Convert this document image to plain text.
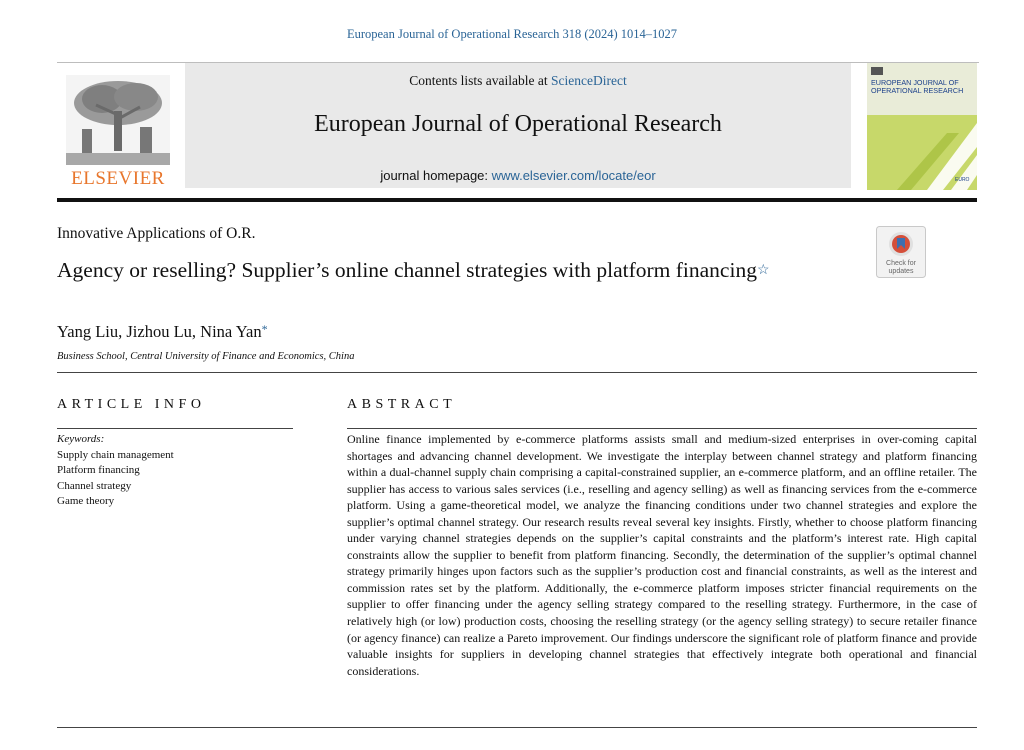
European Journal of Operational Research 318 (2024) 1014–1027
ELSEVIER
Contents lists available at ScienceDirect
European Journal of Operational Research
journal homepage: www.elsevier.com/locate/eor
EUROPEAN JOURNAL OF
OPERATIONAL RESEARCH
EURO
Innovative Applications of O.R.
Check for
updates
Agency or reselling? Supplier’s online channel strategies with platform financing☆
Yang Liu, Jizhou Lu, Nina Yan*
Business School, Central University of Finance and Economics, China
ARTICLE INFO	ABSTRACT
Keywords:
Supply chain management
Platform financing
Channel strategy
Game theory
Online finance implemented by e-commerce platforms assists small and medium-sized enterprises in over-coming capital shortages and advancing channel development. We investigate the interplay between channel strategy and platform financing within a dual-channel supply chain comprising a capital-constrained supplier, an e-commerce platform, and an offline retailer. The supplier has access to various sales services (i.e., reselling and agency selling) as well as financing services from the e-commerce platform. Using a game-theoretical model, we analyze the financing conditions under two channel strategies and explore the supplier’s optimal channel strategy. Our research results reveal several key insights. Firstly, whether to choose platform financing under varying channel strategies depends on the supplier’s capital constraints and the platform’s interest rate. High capital constraints allow the supplier to benefit from platform financing. Secondly, the determination of the supplier’s optimal channel strategy primarily hinges upon factors such as the supplier’s production cost and financial constraints, as well as the interest and commission rates set by the platform. Additionally, the e-commerce platform imposes stricter financial requirements on the supplier to offer financing under the agency selling strategy compared to the reselling strategy. Furthermore, in the case of relatively high (or low) production costs, choosing the reselling strategy (or the agency selling strategy) to secure retailer finance (or agency finance) can realize a Pareto improvement. Our findings underscore the significant role of platform finance and provide valuable insights for suppliers in developing channel strategies that effectively integrate both operational and financial considerations.
